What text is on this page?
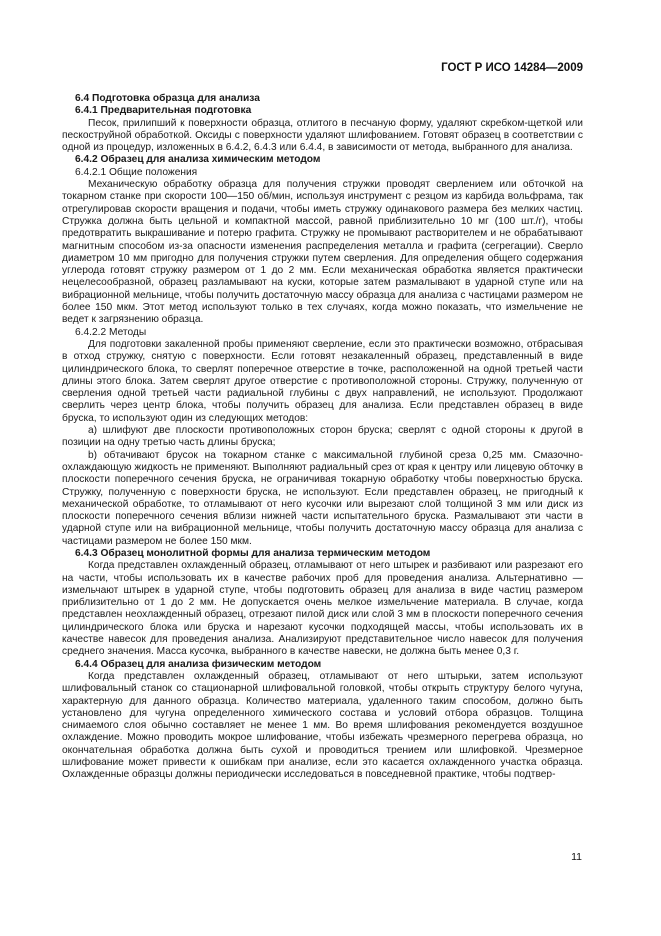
ГОСТ Р ИСО 14284—2009
6.4 Подготовка образца для анализа
6.4.1 Предварительная подготовка

Песок, прилипший к поверхности образца, отлитого в песчаную форму, удаляют скребком-щеткой или пескоструйной обработкой. Оксиды с поверхности удаляют шлифованием. Готовят образец в соответствии с одной из процедур, изложенных в 6.4.2, 6.4.3 или 6.4.4, в зависимости от метода, выбранного для анализа.

6.4.2 Образец для анализа химическим методом
6.4.2.1 Общие положения

Механическую обработку образца для получения стружки проводят сверлением или обточкой на токарном станке при скорости 100—150 об/мин, используя инструмент с резцом из карбида вольфрама, так отрегулировав скорости вращения и подачи, чтобы иметь стружку одинакового размера без мелких частиц. Стружка должна быть цельной и компактной массой, равной приблизительно 10 мг (100 шт./г), чтобы предотвратить выкрашивание и потерю графита. Стружку не промывают растворителем и не обрабатывают магнитным способом из-за опасности изменения распределения металла и графита (сегрегации). Сверло диаметром 10 мм пригодно для получения стружки путем сверления. Для определения общего содержания углерода готовят стружку размером от 1 до 2 мм. Если механическая обработка является практически нецелесообразной, образец разламывают на куски, которые затем размалывают в ударной ступе или на вибрационной мельнице, чтобы получить достаточную массу образца для анализа с частицами размером не более 150 мкм. Этот метод используют только в тех случаях, когда можно показать, что измельчение не ведет к загрязнению образца.

6.4.2.2 Методы

Для подготовки закаленной пробы применяют сверление, если это практически возможно, отбрасывая в отход стружку, снятую с поверхности. Если готовят незакаленный образец, представленный в виде цилиндрического блока, то сверлят поперечное отверстие в точке, расположенной на одной третьей части длины этого блока. Затем сверлят другое отверстие с противоположной стороны. Стружку, полученную от сверления одной третьей части радиальной глубины с двух направлений, не используют. Продолжают сверлить через центр блока, чтобы получить образец для анализа. Если представлен образец в виде бруска, то используют один из следующих методов:

а) шлифуют две плоскости противоположных сторон бруска; сверлят с одной стороны к другой в позиции на одну третью часть длины бруска;

b) обтачивают брусок на токарном станке с максимальной глубиной среза 0,25 мм. Смазочно-охлаждающую жидкость не применяют. Выполняют радиальный срез от края к центру или лицевую обточку в плоскости поперечного сечения бруска, не ограничивая токарную обработку чтобы поверхностью бруска. Стружку, полученную с поверхности бруска, не используют. Если представлен образец, не пригодный к механической обработке, то отламывают от него кусочки или вырезают слой толщиной 3 мм или диск из плоскости поперечного сечения вблизи нижней части испытательного бруска. Размалывают эти части в ударной ступе или на вибрационной мельнице, чтобы получить достаточную массу образца для анализа с частицами размером не более 150 мкм.

6.4.3 Образец монолитной формы для анализа термическим методом

Когда представлен охлажденный образец, отламывают от него штырек и разбивают или разрезают его на части, чтобы использовать их в качестве рабочих проб для проведения анализа. Альтернативно — измельчают штырек в ударной ступе, чтобы подготовить образец для анализа в виде частиц размером приблизительно от 1 до 2 мм. Не допускается очень мелкое измельчение материала. В случае, когда представлен неохлажденный образец, отрезают пилой диск или слой 3 мм в плоскости поперечного сечения цилиндрического блока или бруска и нарезают кусочки подходящей массы, чтобы использовать их в качестве навесок для проведения анализа. Анализируют представительное число навесок для получения среднего значения. Масса кусочка, выбранного в качестве навески, не должна быть менее 0,3 г.

6.4.4 Образец для анализа физическим методом

Когда представлен охлажденный образец, отламывают от него штырьки, затем используют шлифовальный станок со стационарной шлифовальной головкой, чтобы открыть структуру белого чугуна, характерную для данного образца. Количество материала, удаленного таким способом, должно быть установлено для чугуна определенного химического состава и условий отбора образцов. Толщина снимаемого слоя обычно составляет не менее 1 мм. Во время шлифования рекомендуется воздушное охлаждение. Можно проводить мокрое шлифование, чтобы избежать чрезмерного перегрева образца, но окончательная обработка должна быть сухой и проводиться трением или шлифовкой. Чрезмерное шлифование может привести к ошибкам при анализе, если это касается охлажденного участка образца. Охлажденные образцы должны периодически исследоваться в повседневной практике, чтобы подтвер-

11
